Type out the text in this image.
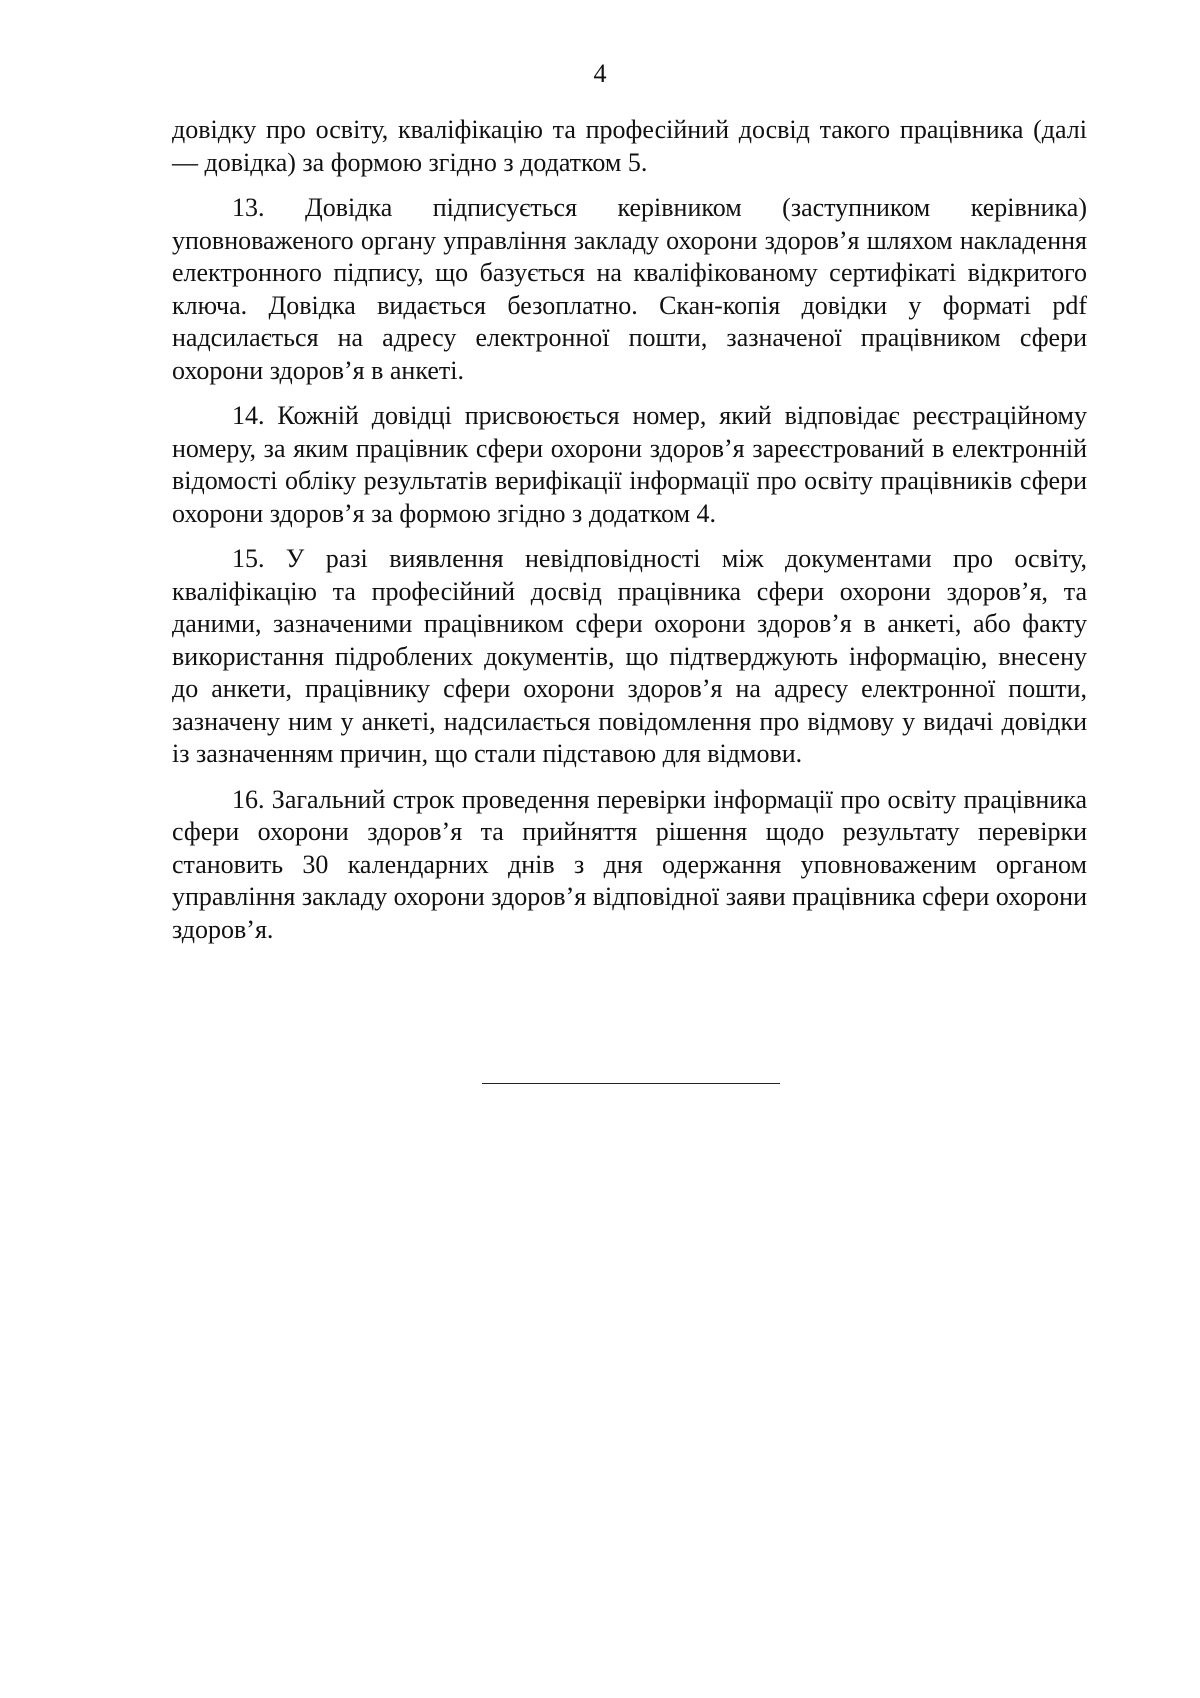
4

довідку про освіту, кваліфікацію та професійний досвід такого працівника (далі — довідка) за формою згідно з додатком 5.

13. Довідка підписується керівником (заступником керівника) уповноваженого органу управління закладу охорони здоров’я шляхом накладення електронного підпису, що базується на кваліфікованому сертифікаті відкритого ключа. Довідка видається безоплатно. Скан-копія довідки у форматі pdf надсилається на адресу електронної пошти, зазначеної працівником сфери охорони здоров’я в анкеті.

14. Кожній довідці присвоюється номер, який відповідає реєстраційному номеру, за яким працівник сфери охорони здоров’я зареєстрований в електронній відомості обліку результатів верифікації інформації про освіту працівників сфери охорони здоров’я за формою згідно з додатком 4.

15. У разі виявлення невідповідності між документами про освіту, кваліфікацію та професійний досвід працівника сфери охорони здоров’я, та даними, зазначеними працівником сфери охорони здоров’я в анкеті, або факту використання підроблених документів, що підтверджують інформацію, внесену до анкети, працівнику сфери охорони здоров’я на адресу електронної пошти, зазначену ним у анкеті, надсилається повідомлення про відмову у видачі довідки із зазначенням причин, що стали підставою для відмови.

16. Загальний строк проведення перевірки інформації про освіту працівника сфери охорони здоров’я та прийняття рішення щодо результату перевірки становить 30 календарних днів з дня одержання уповноваженим органом управління закладу охорони здоров’я відповідної заяви працівника сфери охорони здоров’я.
